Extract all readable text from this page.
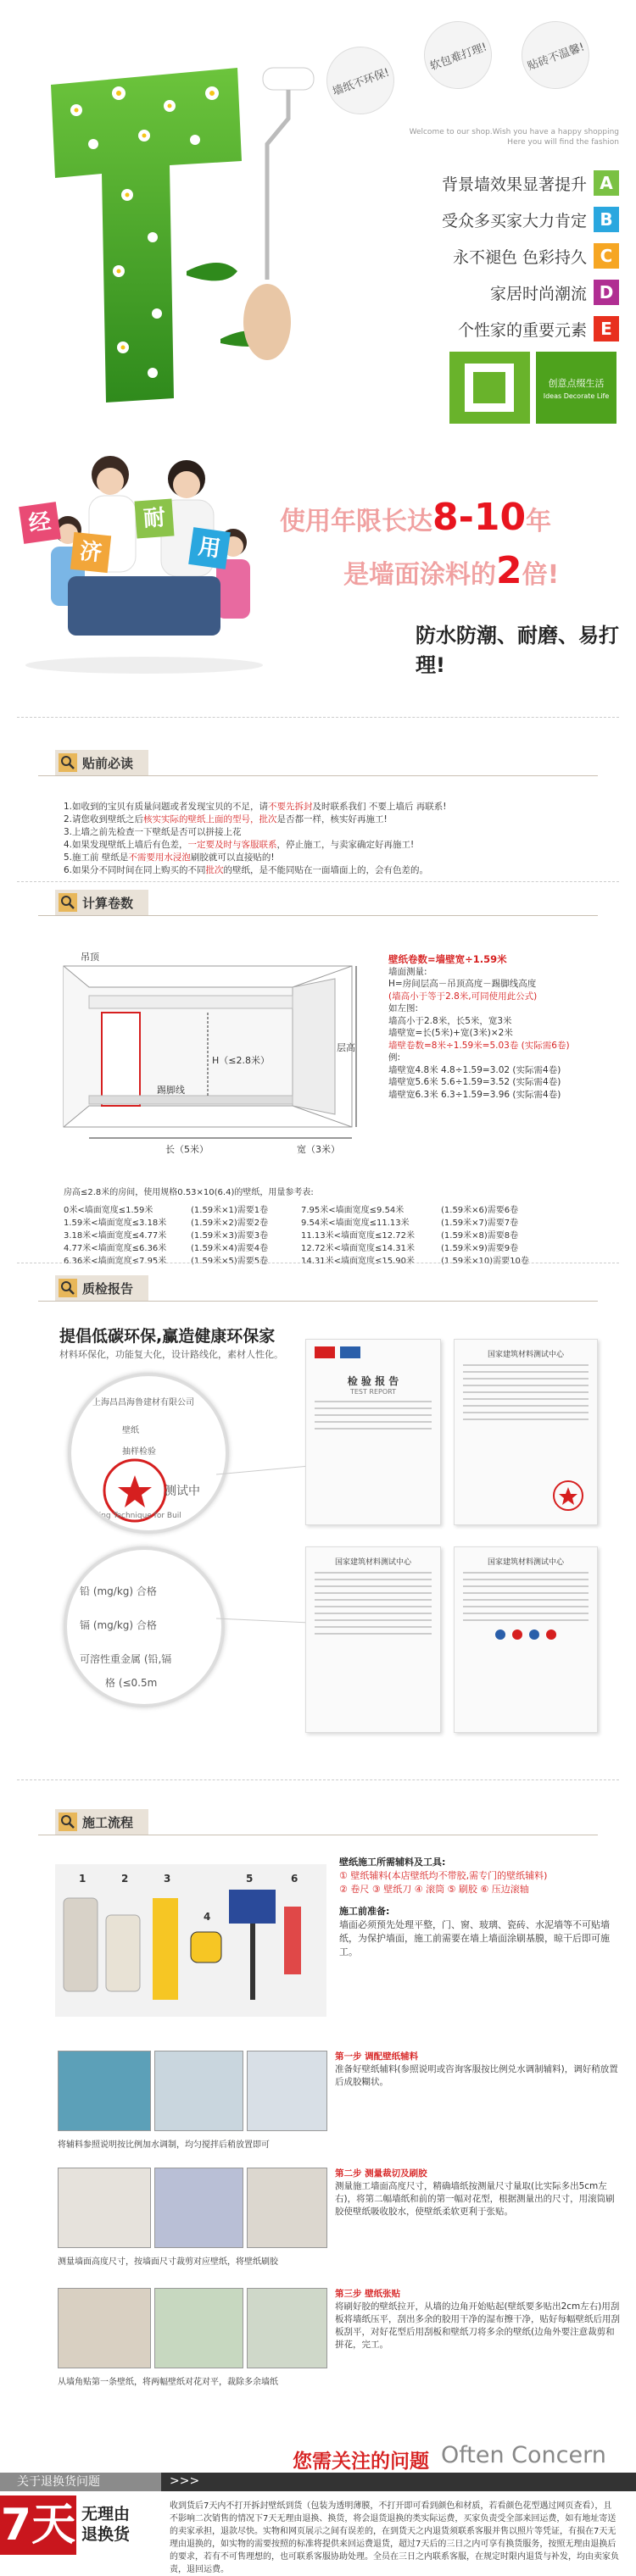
墙纸不环保!
软包难打理!	贴砖不温馨!
Welcome to our shop.Wish you have a happy shopping
Here you will find the fashion
背景墙效果显著提升 A
受众多买家大力肯定 B
永不褪色 色彩持久 C
家居时尚潮流 D
个性家的重要元素 E
创意点缀生活
Ideas Decorate Life
经
济
耐
用
使用年限长达8-10年
是墙面涂料的2倍!
防水防潮、耐磨、易打理!
贴前必读
1.如收到的宝贝有质量问题或者发现宝贝的不足，请不要先拆封及时联系我们 不要上墙后 再联系!
2.请您收到壁纸之后核实实际的壁纸上面的型号，批次是否都一样，核实好再施工!
3.上墙之前先检查一下壁纸是否可以拼接上花
4.如果发现壁纸上墙后有色差，一定要及时与客服联系，停止施工，与卖家确定好再施工!
5.施工前 壁纸是不需要用水浸泡刷胶就可以直接贴的!
6.如果分不同时间在同上购买的不同批次的壁纸，是不能同贴在一面墙面上的，会有色差的。
计算卷数
吊顶
H（≤2.8米）
层高
踢脚线
长（5米）	宽（3米）
壁纸卷数=墙壁宽÷1.59米
墙面测量:
H=房间层高－吊顶高度－踢脚线高度
(墙高小于等于2.8米,可同使用此公式)
如左图:
墙高小于2.8米，长5米，宽3米
墙壁宽=长(5米)+宽(3米)×2米
墙壁卷数=8米÷1.59米=5.03卷 (实际需6卷)
例:
墙壁宽4.8米 4.8÷1.59=3.02 (实际需4卷)
墙壁宽5.6米 5.6÷1.59=3.52 (实际需4卷)
墙壁宽6.3米 6.3÷1.59=3.96 (实际需4卷)
房高≤2.8米的房间，使用规格0.53×10(6.4)的壁纸，用量参考表:
0米<墙面宽度≤1.59米	(1.59米×1)需要1卷	7.95米<墙面宽度≤9.54米	(1.59米×6)需要6卷
1.59米<墙面宽度≤3.18米	(1.59米×2)需要2卷	9.54米<墙面宽度≤11.13米	(1.59米×7)需要7卷
3.18米<墙面宽度≤4.77米	(1.59米×3)需要3卷	11.13米<墙面宽度≤12.72米	(1.59米×8)需要8卷
4.77米<墙面宽度≤6.36米	(1.59米×4)需要4卷	12.72米<墙面宽度≤14.31米	(1.59米×9)需要9卷
6.36米<墙面宽度≤7.95米	(1.59米×5)需要5卷	14.31米<墙面宽度≤15.90米	(1.59米×10)需要10卷
质检报告
提倡低碳环保,赢造健康环保家
材料环保化，功能复大化，设计路线化，素材人性化。
上海昌昌海鲁建材有限公司
壁纸
抽样检验
测试中
Testing Technique for Buil
铅 (mg/kg) 合格
镉 (mg/kg) 合格
可溶性重金属 (铅,镉
格 (≤0.5m
检 验 报 告
TEST REPORT
国家建筑材料测试中心
国家建筑材料测试中心	国家建筑材料测试中心
施工流程
1	2	3
4
5	6
壁纸施工所需辅料及工具:
① 壁纸辅料(本店壁纸均不带胶,需专门的壁纸辅料)
② 卷尺 ③ 壁纸刀 ④ 滚筒 ⑤ 刷胶 ⑥ 压边滚轴
施工前准备:
墙面必须预先处理平整，门、窗、玻璃、瓷砖、水泥墙等不可贴墙纸，为保护墙面，施工前需要在墙上墙面涂刷基膜，晾干后即可施工。
将辅料参照说明按比例加水调制，均匀搅拌后稍放置即可
第一步 调配壁纸辅料
准备好壁纸辅料(参照说明或咨询客服按比例兑水调制辅料)，调好稍放置后成胶糊状。
测量墙面高度尺寸，按墙面尺寸裁剪对应壁纸，将壁纸刷胶
第二步 测量裁切及刷胶
测量施工墙面高度尺寸，精确墙纸按测量尺寸量取(比实际多出5cm左右)，将第二幅墙纸和前的第一幅对花型，根据测量出的尺寸，用滚筒刷胶使壁纸吸收胶水，使壁纸柔软更利于张贴。
从墙角贴第一条壁纸，将两幅壁纸对花对平，裁除多余墙纸
第三步 壁纸张贴
将刷好胶的壁纸拉开，从墙的边角开始贴起(壁纸要多贴出2cm左右)用刮板将墙纸压平，刮出多余的胶用干净的湿布擦干净，贴好每幅壁纸后用刮板刮平，对好花型后用刮板和壁纸刀将多余的壁纸(边角外要注意裁剪和拼花，完工。
您需关注的问题 Often Concern
关于退换货问题	>>>
7天 无理由
退换货
收到货后7天内不打开拆封壁纸到货（包装为透明薄膜，不打开即可看到颜色和材质，若看颜色花型遇过网页查看），且不影响二次销售的情况下7天无理由退换、换货，将会退货退换的类实际运费，买家负责受全部来回运费，如有地址寄送的卖家承担，退款尽快。实物和网页展示之间有误差的，在到货天之内退货须联系客服并售以照片等凭证，有损在7天无理由退换的，如实物的需要按照的标准将提供来回运费退货，超过7天后的三日之内可享有换货服务，按照无理由退换后的要求，若有不可售理想的，也可联系客服协助处理。全员在三日之内联系客服，在规定时限内退货与补发，均由卖家负责，退回运费。
